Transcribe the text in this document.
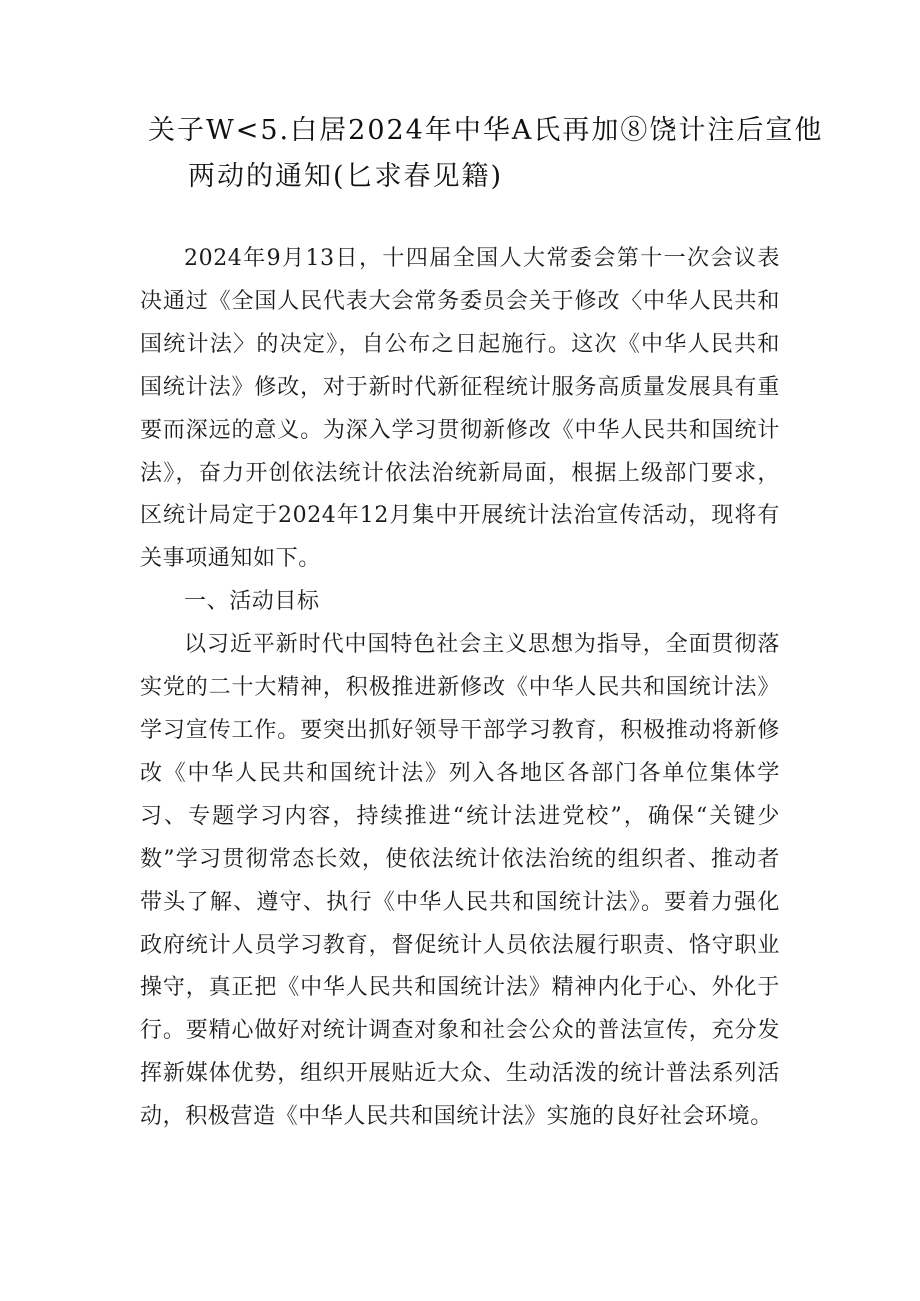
关子W<5.白居2024年中华A氏再加⑧饶计注后宣他
两动的通知(匕求春见籍)

2024年9月13日，十四届全国人大常委会第十一次会议表决通过《全国人民代表大会常务委员会关于修改〈中华人民共和国统计法〉的决定》，自公布之日起施行。这次《中华人民共和国统计法》修改，对于新时代新征程统计服务高质量发展具有重要而深远的意义。为深入学习贯彻新修改《中华人民共和国统计法》，奋力开创依法统计依法治统新局面，根据上级部门要求，区统计局定于2024年12月集中开展统计法治宣传活动，现将有关事项通知如下。

一、活动目标

以习近平新时代中国特色社会主义思想为指导，全面贯彻落实党的二十大精神，积极推进新修改《中华人民共和国统计法》学习宣传工作。要突出抓好领导干部学习教育，积极推动将新修改《中华人民共和国统计法》列入各地区各部门各单位集体学习、专题学习内容，持续推进“统计法进党校”，确保“关键少数”学习贯彻常态长效，使依法统计依法治统的组织者、推动者带头了解、遵守、执行《中华人民共和国统计法》。要着力强化政府统计人员学习教育，督促统计人员依法履行职责、恪守职业操守，真正把《中华人民共和国统计法》精神内化于心、外化于行。要精心做好对统计调查对象和社会公众的普法宣传，充分发挥新媒体优势，组织开展贴近大众、生动活泼的统计普法系列活动，积极营造《中华人民共和国统计法》实施的良好社会环境。
